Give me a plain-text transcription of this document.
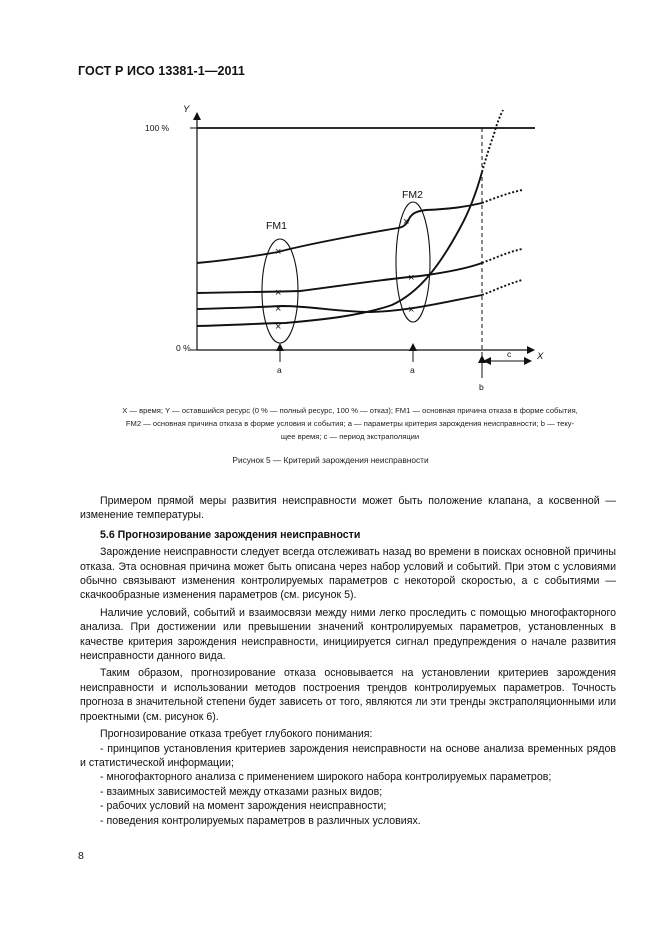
ГОСТ Р ИСО 13381-1—2011
Y
X
100 %
0 %
FM1
FM2
×
×
×
×
×
×
×
a	a
b
c
X — время; Y — оставшийся ресурс (0 % — полный ресурс, 100 % — отказ); FM1 — основная причина отказа в форме события,
FM2 — основная причина отказа в форме условия и события; a — параметры критерия зарождения неисправности; b — теку-
щее время; c — период экстраполяции
Рисунок 5 — Критерий зарождения неисправности

Примером прямой меры развития неисправности может быть положение клапана, а косвенной — изменение температуры.

5.6 Прогнозирование зарождения неисправности

Зарождение неисправности следует всегда отслеживать назад во времени в поисках основной причины отказа. Эта основная причина может быть описана через набор условий и событий. При этом с условиями обычно связывают изменения контролируемых параметров с некоторой скоростью, а с событиями — скачкообразные изменения параметров (см. рисунок 5).

Наличие условий, событий и взаимосвязи между ними легко проследить с помощью многофакторного анализа. При достижении или превышении значений контролируемых параметров, установленных в качестве критерия зарождения неисправности, инициируется сигнал предупреждения о начале развития неисправности данного вида.

Таким образом, прогнозирование отказа основывается на установлении критериев зарождения неисправности и использовании методов построения трендов контролируемых параметров. Точность прогноза в значительной степени будет зависеть от того, являются ли эти тренды экстраполяционными или проектными (см. рисунок 6).

Прогнозирование отказа требует глубокого понимания:

- принципов установления критериев зарождения неисправности на основе анализа временных рядов и статистической информации;
- многофакторного анализа с применением широкого набора контролируемых параметров;
- взаимных зависимостей между отказами разных видов;
- рабочих условий на момент зарождения неисправности;
- поведения контролируемых параметров в различных условиях.
8
